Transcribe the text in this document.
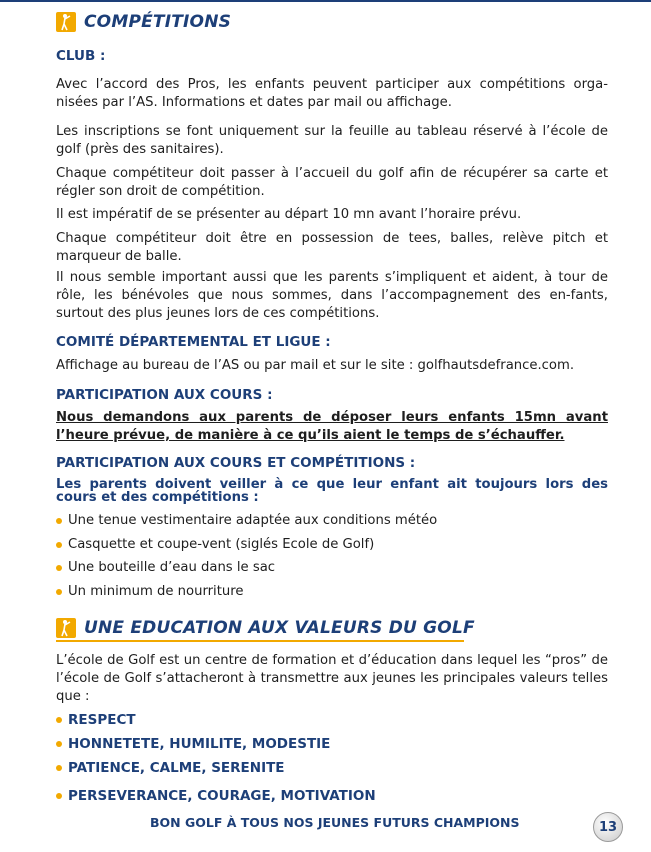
COMPÉTITIONS
CLUB :
Avec l’accord des Pros, les enfants peuvent participer aux compétitions orga-nisées par l’AS. Informations et dates par mail ou affichage.
Les inscriptions se font uniquement sur la feuille au tableau réservé à l’école de golf (près des sanitaires).
Chaque compétiteur doit passer à l’accueil du golf afin de récupérer sa carte et régler son droit de compétition.
Il est impératif de se présenter au départ 10 mn avant l’horaire prévu.
Chaque compétiteur doit être en possession de tees, balles, relève pitch et marqueur de balle.
Il nous semble important aussi que les parents s’impliquent et aident, à tour de rôle, les bénévoles que nous sommes, dans l’accompagnement des en-fants, surtout des plus jeunes lors de ces compétitions.
COMITÉ DÉPARTEMENTAL ET LIGUE :
Affichage au bureau de l’AS ou par mail et sur le site : golfhautsdefrance.com.
PARTICIPATION AUX COURS :
Nous demandons aux parents de déposer leurs enfants 15mn avant l’heure prévue, de manière à ce qu’ils aient le temps de s’échauffer.
PARTICIPATION AUX COURS ET COMPÉTITIONS :
Les parents doivent veiller à ce que leur enfant ait toujours lors des cours et des compétitions :
Une tenue vestimentaire adaptée aux conditions météo
Casquette et coupe-vent (siglés Ecole de Golf)
Une bouteille d’eau dans le sac
Un minimum de nourriture
UNE EDUCATION AUX VALEURS DU GOLF
L’école de Golf est un centre de formation et d’éducation dans lequel les “pros” de l’école de Golf s’attacheront à transmettre aux jeunes les principales valeurs telles que :
RESPECT
HONNETETE, HUMILITE, MODESTIE
PATIENCE, CALME, SERENITE
PERSEVERANCE, COURAGE, MOTIVATION
BON GOLF À TOUS NOS JEUNES FUTURS CHAMPIONS	13
